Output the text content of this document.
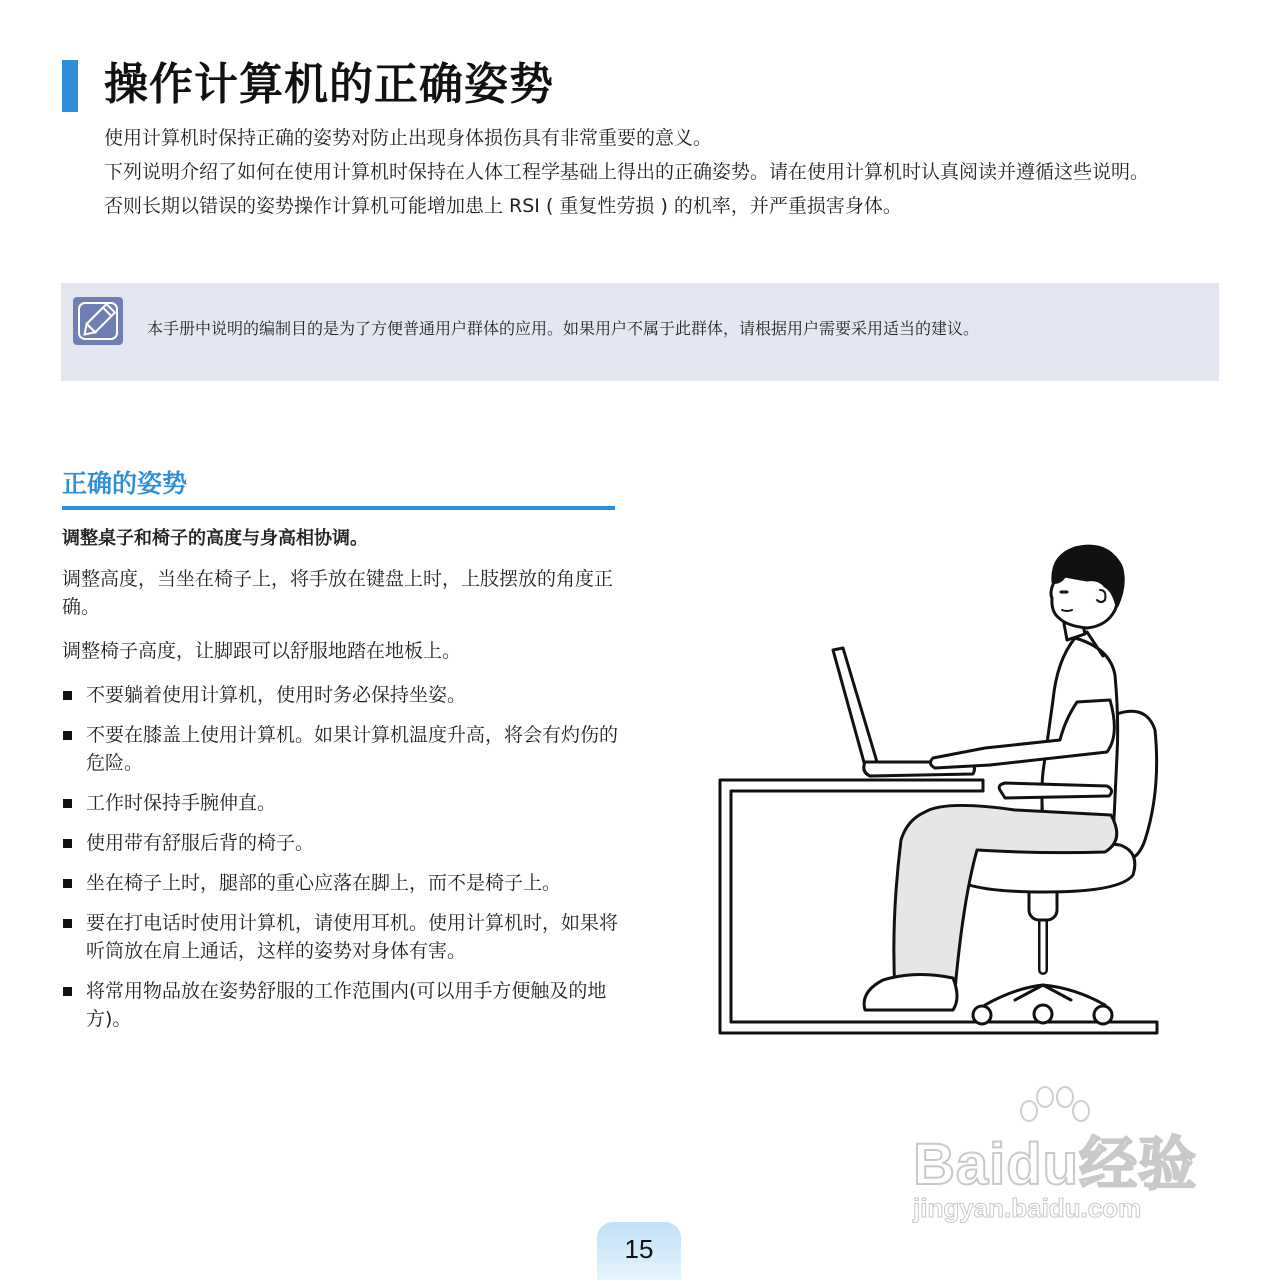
操作计算机的正确姿势

使用计算机时保持正确的姿势对防止出现身体损伤具有非常重要的意义。

下列说明介绍了如何在使用计算机时保持在人体工程学基础上得出的正确姿势。请在使用计算机时认真阅读并遵循这些说明。

否则长期以错误的姿势操作计算机可能增加患上 RSI ( 重复性劳损 ) 的机率，并严重损害身体。

本手册中说明的编制目的是为了方便普通用户群体的应用。如果用户不属于此群体，请根据用户需要采用适当的建议。
正确的姿势

调整桌子和椅子的高度与身高相协调。

调整高度，当坐在椅子上，将手放在键盘上时，上肢摆放的角度正确。

调整椅子高度，让脚跟可以舒服地踏在地板上。

不要躺着使用计算机，使用时务必保持坐姿。
不要在膝盖上使用计算机。如果计算机温度升高，将会有灼伤的危险。
工作时保持手腕伸直。
使用带有舒服后背的椅子。
坐在椅子上时，腿部的重心应落在脚上，而不是椅子上。
要在打电话时使用计算机，请使用耳机。使用计算机时，如果将听筒放在肩上通话，这样的姿势对身体有害。
将常用物品放在姿势舒服的工作范围内(可以用手方便触及的地方)。
Baidu经验
jingyan.baidu.com
15
